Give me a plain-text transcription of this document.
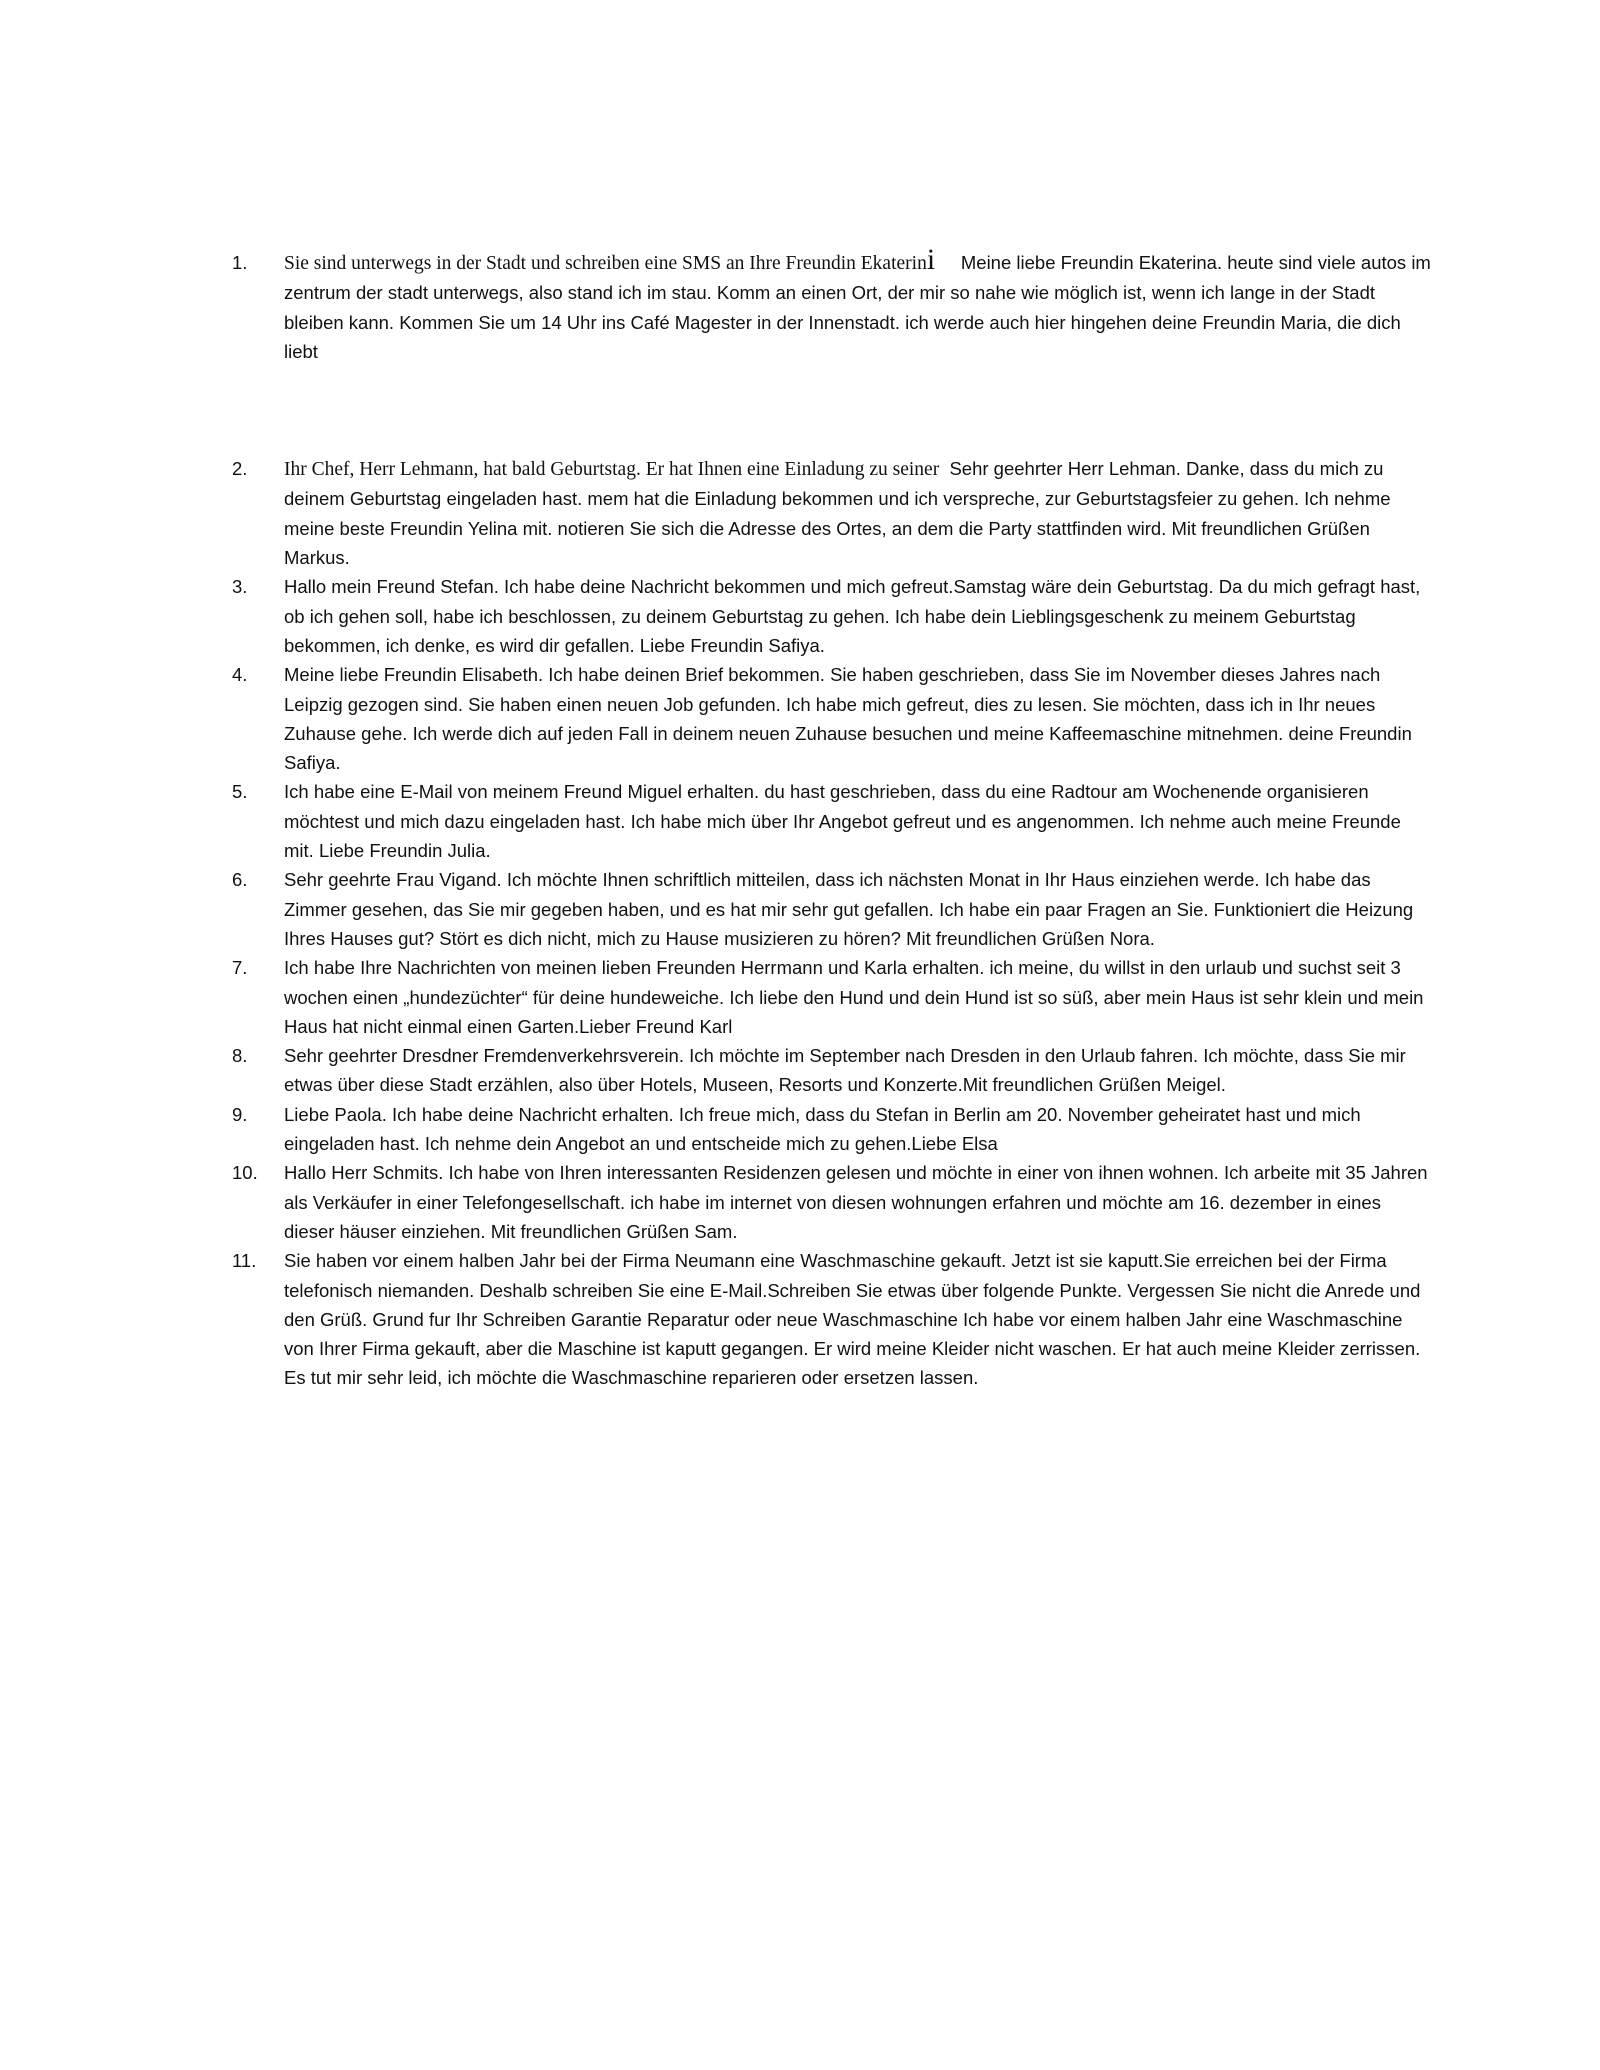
1.	Sie sind unterwegs in der Stadt und schreiben eine SMS an Ihre Freundin Ekaterini Meine liebe Freundin Ekaterina. heute sind viele autos im zentrum der stadt unterwegs, also stand ich im stau. Komm an einen Ort, der mir so nahe wie möglich ist, wenn ich lange in der Stadt bleiben kann. Kommen Sie um 14 Uhr ins Café Magester in der Innenstadt. ich werde auch hier hingehen deine Freundin Maria, die dich liebt
2.	Ihr Chef, Herr Lehmann, hat bald Geburtstag. Er hat Ihnen eine Einladung zu seiner Sehr geehrter Herr Lehman. Danke, dass du mich zu deinem Geburtstag eingeladen hast. mem hat die Einladung bekommen und ich verspreche, zur Geburtstagsfeier zu gehen. Ich nehme meine beste Freundin Yelina mit. notieren Sie sich die Adresse des Ortes, an dem die Party stattfinden wird. Mit freundlichen Grüßen Markus.
3.	Hallo mein Freund Stefan. Ich habe deine Nachricht bekommen und mich gefreut.Samstag wäre dein Geburtstag. Da du mich gefragt hast, ob ich gehen soll, habe ich beschlossen, zu deinem Geburtstag zu gehen. Ich habe dein Lieblingsgeschenk zu meinem Geburtstag bekommen, ich denke, es wird dir gefallen. Liebe Freundin Safiya.
4.	Meine liebe Freundin Elisabeth. Ich habe deinen Brief bekommen. Sie haben geschrieben, dass Sie im November dieses Jahres nach Leipzig gezogen sind. Sie haben einen neuen Job gefunden. Ich habe mich gefreut, dies zu lesen. Sie möchten, dass ich in Ihr neues Zuhause gehe. Ich werde dich auf jeden Fall in deinem neuen Zuhause besuchen und meine Kaffeemaschine mitnehmen. deine Freundin Safiya.
5.	Ich habe eine E-Mail von meinem Freund Miguel erhalten. du hast geschrieben, dass du eine Radtour am Wochenende organisieren möchtest und mich dazu eingeladen hast. Ich habe mich über Ihr Angebot gefreut und es angenommen. Ich nehme auch meine Freunde mit. Liebe Freundin Julia.
6.	Sehr geehrte Frau Vigand. Ich möchte Ihnen schriftlich mitteilen, dass ich nächsten Monat in Ihr Haus einziehen werde. Ich habe das Zimmer gesehen, das Sie mir gegeben haben, und es hat mir sehr gut gefallen. Ich habe ein paar Fragen an Sie. Funktioniert die Heizung Ihres Hauses gut? Stört es dich nicht, mich zu Hause musizieren zu hören? Mit freundlichen Grüßen Nora.
7.	Ich habe Ihre Nachrichten von meinen lieben Freunden Herrmann und Karla erhalten. ich meine, du willst in den urlaub und suchst seit 3 wochen einen „hundezüchter“ für deine hundeweiche. Ich liebe den Hund und dein Hund ist so süß, aber mein Haus ist sehr klein und mein Haus hat nicht einmal einen Garten.Lieber Freund Karl
8.	Sehr geehrter Dresdner Fremdenverkehrsverein. Ich möchte im September nach Dresden in den Urlaub fahren. Ich möchte, dass Sie mir etwas über diese Stadt erzählen, also über Hotels, Museen, Resorts und Konzerte.Mit freundlichen Grüßen Meigel.
9.	Liebe Paola. Ich habe deine Nachricht erhalten. Ich freue mich, dass du Stefan in Berlin am 20. November geheiratet hast und mich eingeladen hast. Ich nehme dein Angebot an und entscheide mich zu gehen.Liebe Elsa
10.	Hallo Herr Schmits. Ich habe von Ihren interessanten Residenzen gelesen und möchte in einer von ihnen wohnen. Ich arbeite mit 35 Jahren als Verkäufer in einer Telefongesellschaft. ich habe im internet von diesen wohnungen erfahren und möchte am 16. dezember in eines dieser häuser einziehen. Mit freundlichen Grüßen Sam.
11.	Sie haben vor einem halben Jahr bei der Firma Neumann eine Waschmaschine gekauft. Jetzt ist sie kaputt.Sie erreichen bei der Firma telefonisch niemanden. Deshalb schreiben Sie eine E-Mail.Schreiben Sie etwas über folgende Punkte. Vergessen Sie nicht die Anrede und den Grüß. Grund fur Ihr Schreiben Garantie Reparatur oder neue Waschmaschine Ich habe vor einem halben Jahr eine Waschmaschine von Ihrer Firma gekauft, aber die Maschine ist kaputt gegangen. Er wird meine Kleider nicht waschen. Er hat auch meine Kleider zerrissen. Es tut mir sehr leid, ich möchte die Waschmaschine reparieren oder ersetzen lassen.
